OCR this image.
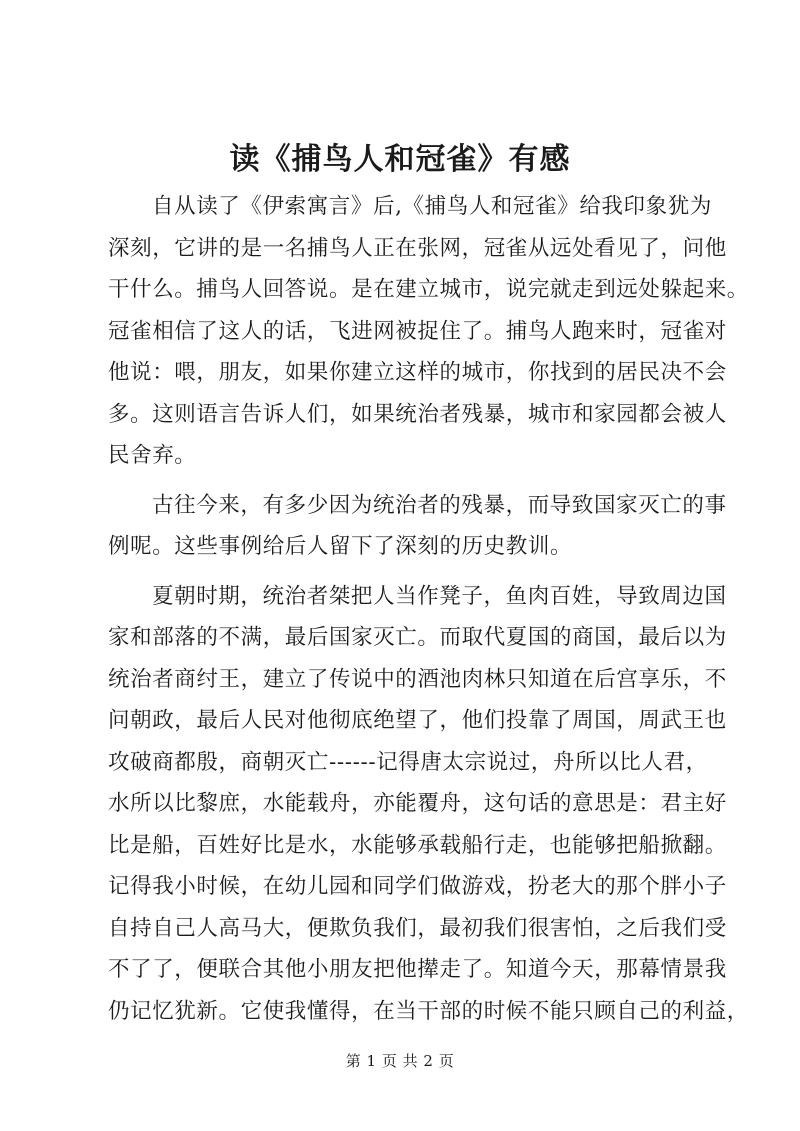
读《捕鸟人和冠雀》有感
自从读了《伊索寓言》后,《捕鸟人和冠雀》给我印象犹为
深刻，它讲的是一名捕鸟人正在张网，冠雀从远处看见了，问他
干什么。捕鸟人回答说。是在建立城市，说完就走到远处躲起来。
冠雀相信了这人的话，飞进网被捉住了。捕鸟人跑来时，冠雀对
他说：喂，朋友，如果你建立这样的城市，你找到的居民决不会
多。这则语言告诉人们，如果统治者残暴，城市和家园都会被人
民舍弃。
古往今来，有多少因为统治者的残暴，而导致国家灭亡的事
例呢。这些事例给后人留下了深刻的历史教训。
夏朝时期，统治者桀把人当作凳子，鱼肉百姓，导致周边国
家和部落的不满，最后国家灭亡。而取代夏国的商国，最后以为
统治者商纣王，建立了传说中的酒池肉林只知道在后宫享乐，不
问朝政，最后人民对他彻底绝望了，他们投靠了周国，周武王也
攻破商都殷，商朝灭亡------记得唐太宗说过，舟所以比人君，
水所以比黎庶，水能载舟，亦能覆舟，这句话的意思是：君主好
比是船，百姓好比是水，水能够承载船行走，也能够把船掀翻。
记得我小时候，在幼儿园和同学们做游戏，扮老大的那个胖小子
自持自己人高马大，便欺负我们，最初我们很害怕，之后我们受
不了了，便联合其他小朋友把他撵走了。知道今天，那幕情景我
仍记忆犹新。它使我懂得，在当干部的时候不能只顾自己的利益，
第 1 页 共 2 页
